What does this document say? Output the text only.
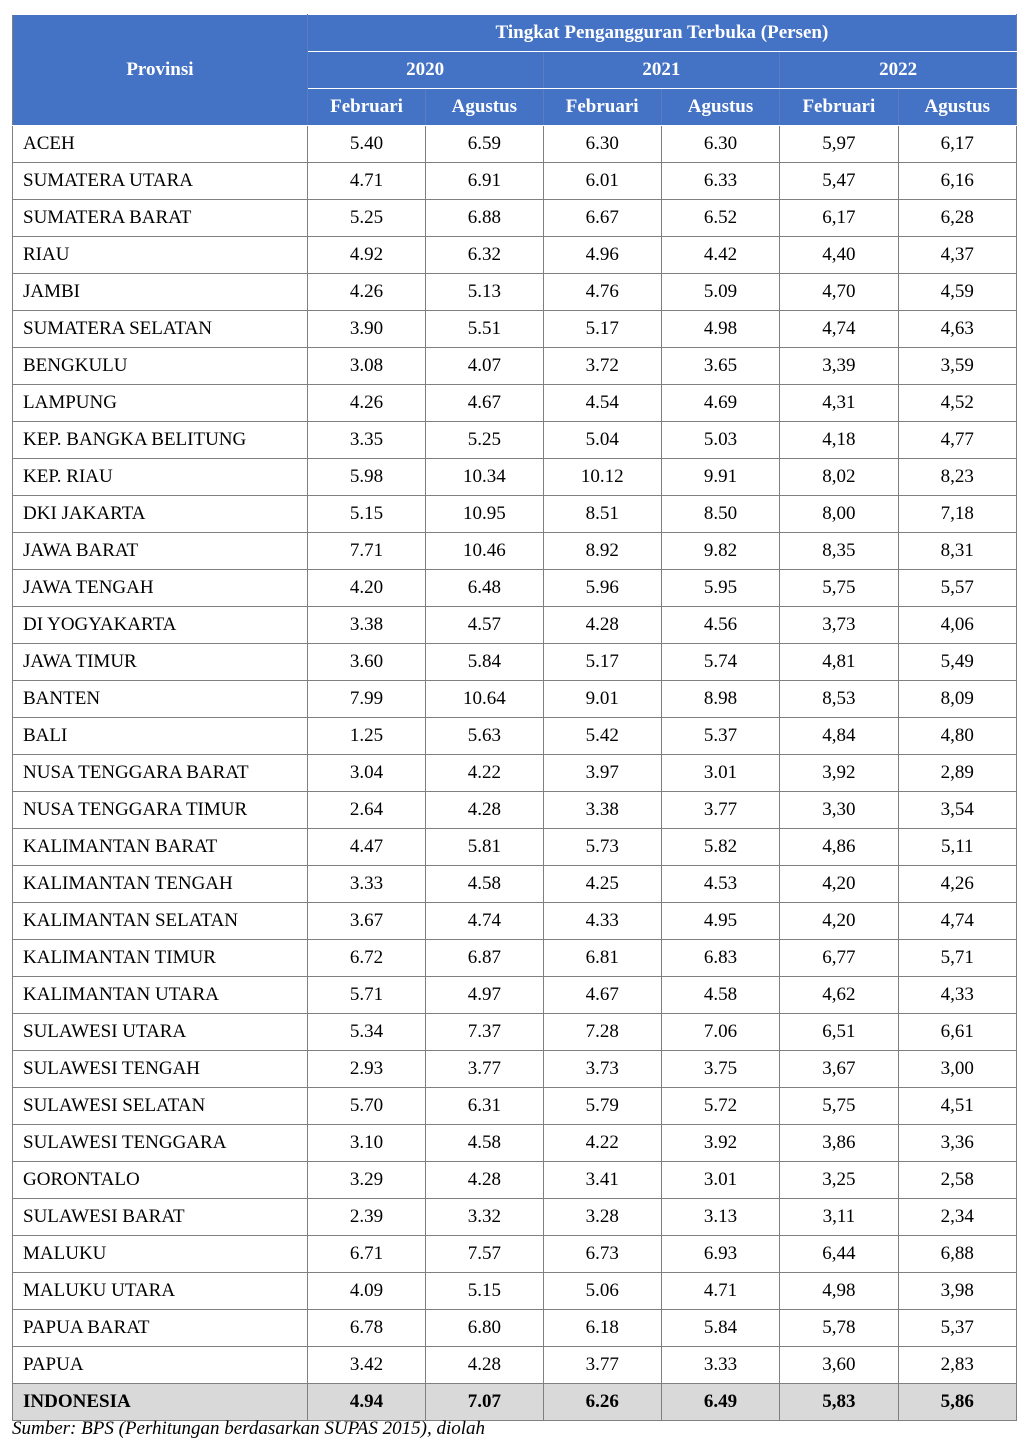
Provinsi	Tingkat Pengangguran Terbuka (Persen)					
	2020		2021		2022	
	Februari	Agustus	Februari	Agustus	Februari	Agustus
ACEH	5.40	6.59	6.30	6.30	5,97	6,17
SUMATERA UTARA	4.71	6.91	6.01	6.33	5,47	6,16
SUMATERA BARAT	5.25	6.88	6.67	6.52	6,17	6,28
RIAU	4.92	6.32	4.96	4.42	4,40	4,37
JAMBI	4.26	5.13	4.76	5.09	4,70	4,59
SUMATERA SELATAN	3.90	5.51	5.17	4.98	4,74	4,63
BENGKULU	3.08	4.07	3.72	3.65	3,39	3,59
LAMPUNG	4.26	4.67	4.54	4.69	4,31	4,52
KEP. BANGKA BELITUNG	3.35	5.25	5.04	5.03	4,18	4,77
KEP. RIAU	5.98	10.34	10.12	9.91	8,02	8,23
DKI JAKARTA	5.15	10.95	8.51	8.50	8,00	7,18
JAWA BARAT	7.71	10.46	8.92	9.82	8,35	8,31
JAWA TENGAH	4.20	6.48	5.96	5.95	5,75	5,57
DI YOGYAKARTA	3.38	4.57	4.28	4.56	3,73	4,06
JAWA TIMUR	3.60	5.84	5.17	5.74	4,81	5,49
BANTEN	7.99	10.64	9.01	8.98	8,53	8,09
BALI	1.25	5.63	5.42	5.37	4,84	4,80
NUSA TENGGARA BARAT	3.04	4.22	3.97	3.01	3,92	2,89
NUSA TENGGARA TIMUR	2.64	4.28	3.38	3.77	3,30	3,54
KALIMANTAN BARAT	4.47	5.81	5.73	5.82	4,86	5,11
KALIMANTAN TENGAH	3.33	4.58	4.25	4.53	4,20	4,26
KALIMANTAN SELATAN	3.67	4.74	4.33	4.95	4,20	4,74
KALIMANTAN TIMUR	6.72	6.87	6.81	6.83	6,77	5,71
KALIMANTAN UTARA	5.71	4.97	4.67	4.58	4,62	4,33
SULAWESI UTARA	5.34	7.37	7.28	7.06	6,51	6,61
SULAWESI TENGAH	2.93	3.77	3.73	3.75	3,67	3,00
SULAWESI SELATAN	5.70	6.31	5.79	5.72	5,75	4,51
SULAWESI TENGGARA	3.10	4.58	4.22	3.92	3,86	3,36
GORONTALO	3.29	4.28	3.41	3.01	3,25	2,58
SULAWESI BARAT	2.39	3.32	3.28	3.13	3,11	2,34
MALUKU	6.71	7.57	6.73	6.93	6,44	6,88
MALUKU UTARA	4.09	5.15	5.06	4.71	4,98	3,98
PAPUA BARAT	6.78	6.80	6.18	5.84	5,78	5,37
PAPUA	3.42	4.28	3.77	3.33	3,60	2,83
INDONESIA	4.94	7.07	6.26	6.49	5,83	5,86
Sumber: BPS (Perhitungan berdasarkan SUPAS 2015), diolah
